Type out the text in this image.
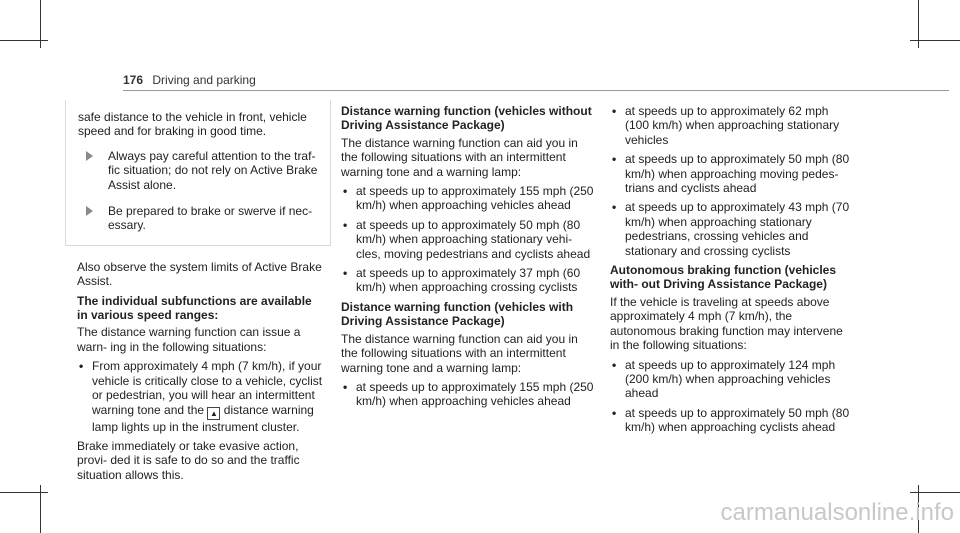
176 Driving and parking

safe distance to the vehicle in front, vehicle speed and for braking in good time.

Always pay careful attention to the traf- fic situation; do not rely on Active Brake Assist alone.
Be prepared to brake or swerve if nec- essary.

Also observe the system limits of Active Brake Assist.

The individual subfunctions are available in various speed ranges:

The distance warning function can issue a warn- ing in the following situations:

• From approximately 4 mph (7 km/h), if your vehicle is critically close to a vehicle, cyclist or pedestrian, you will hear an intermittent warning tone and the ▲ distance warning lamp lights up in the instrument cluster.

Brake immediately or take evasive action, provi- ded it is safe to do so and the traffic situation allows this.

Distance warning function (vehicles without Driving Assistance Package)

The distance warning function can aid you in the following situations with an intermittent warning tone and a warning lamp:

• at speeds up to approximately 155 mph (250 km/h) when approaching vehicles ahead
• at speeds up to approximately 50 mph (80 km/h) when approaching stationary vehi- cles, moving pedestrians and cyclists ahead
• at speeds up to approximately 37 mph (60 km/h) when approaching crossing cyclists
Distance warning function (vehicles with Driving Assistance Package)

The distance warning function can aid you in the following situations with an intermittent warning tone and a warning lamp:

• at speeds up to approximately 155 mph (250 km/h) when approaching vehicles ahead
• at speeds up to approximately 62 mph (100 km/h) when approaching stationary vehicles
• at speeds up to approximately 50 mph (80 km/h) when approaching moving pedes- trians and cyclists ahead
• at speeds up to approximately 43 mph (70 km/h) when approaching stationary pedestrians, crossing vehicles and stationary and crossing cyclists
Autonomous braking function (vehicles with- out Driving Assistance Package)

If the vehicle is traveling at speeds above approximately 4 mph (7 km/h), the autonomous braking function may intervene in the following situations:

• at speeds up to approximately 124 mph (200 km/h) when approaching vehicles ahead
• at speeds up to approximately 50 mph (80 km/h) when approaching cyclists ahead
carmanualsonline.info
